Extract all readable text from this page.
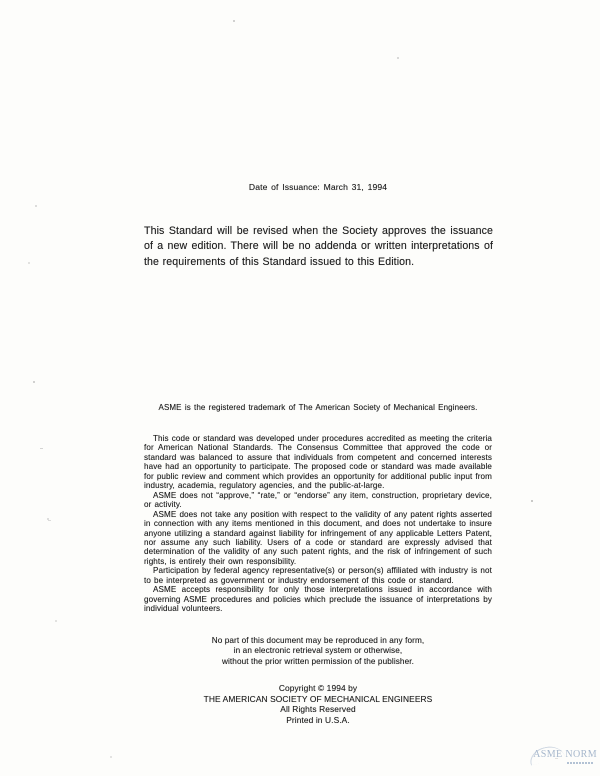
Date of Issuance: March 31, 1994
This Standard will be revised when the Society approves the issuance of a new edition. There will be no addenda or written interpretations of the requirements of this Standard issued to this Edition.
ASME is the registered trademark of The American Society of Mechanical Engineers.

This code or standard was developed under procedures accredited as meeting the criteria for American National Standards. The Consensus Committee that approved the code or standard was balanced to assure that individuals from competent and concerned interests have had an opportunity to participate. The proposed code or standard was made available for public review and comment which provides an opportunity for additional public input from industry, academia, regulatory agencies, and the public-at-large.

ASME does not “approve,” “rate,” or “endorse” any item, construction, proprietary device, or activity.

ASME does not take any position with respect to the validity of any patent rights asserted in connection with any items mentioned in this document, and does not undertake to insure anyone utilizing a standard against liability for infringement of any applicable Letters Patent, nor assume any such liability. Users of a code or standard are expressly advised that determination of the validity of any such patent rights, and the risk of infringement of such rights, is entirely their own responsibility.

Participation by federal agency representative(s) or person(s) affiliated with industry is not to be interpreted as government or industry endorsement of this code or standard.

ASME accepts responsibility for only those interpretations issued in accordance with governing ASME procedures and policies which preclude the issuance of interpretations by individual volunteers.

No part of this document may be reproduced in any form,
in an electronic retrieval system or otherwise,
without the prior written permission of the publisher.
Copyright © 1994 by
THE AMERICAN SOCIETY OF MECHANICAL ENGINEERS
All Rights Reserved
Printed in U.S.A.
ASME NORM
